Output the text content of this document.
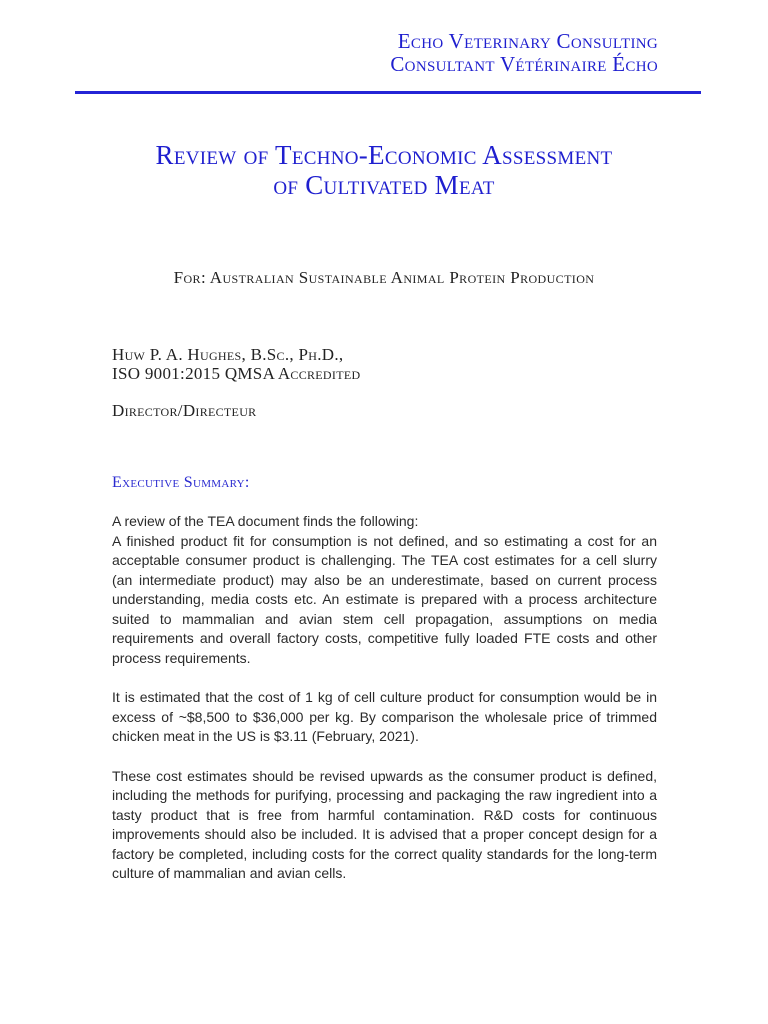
Echo Veterinary Consulting
Consultant Vétérinaire Écho
Review of Techno-Economic Assessment
of Cultivated Meat
For: Australian Sustainable Animal Protein Production
Huw P. A. Hughes, B.Sc., Ph.D.,
ISO 9001:2015 QMSA Accredited
Director/Directeur
Executive Summary:
A review of the TEA document finds the following:

A finished product fit for consumption is not defined, and so estimating a cost for an acceptable consumer product is challenging. The TEA cost estimates for a cell slurry (an intermediate product) may also be an underestimate, based on current process understanding, media costs etc. An estimate is prepared with a process architecture suited to mammalian and avian stem cell propagation, assumptions on media requirements and overall factory costs, competitive fully loaded FTE costs and other process requirements.

It is estimated that the cost of 1 kg of cell culture product for consumption would be in excess of ~$8,500 to $36,000 per kg. By comparison the wholesale price of trimmed chicken meat in the US is $3.11 (February, 2021).

These cost estimates should be revised upwards as the consumer product is defined, including the methods for purifying, processing and packaging the raw ingredient into a tasty product that is free from harmful contamination. R&D costs for continuous improvements should also be included. It is advised that a proper concept design for a factory be completed, including costs for the correct quality standards for the long-term culture of mammalian and avian cells.
